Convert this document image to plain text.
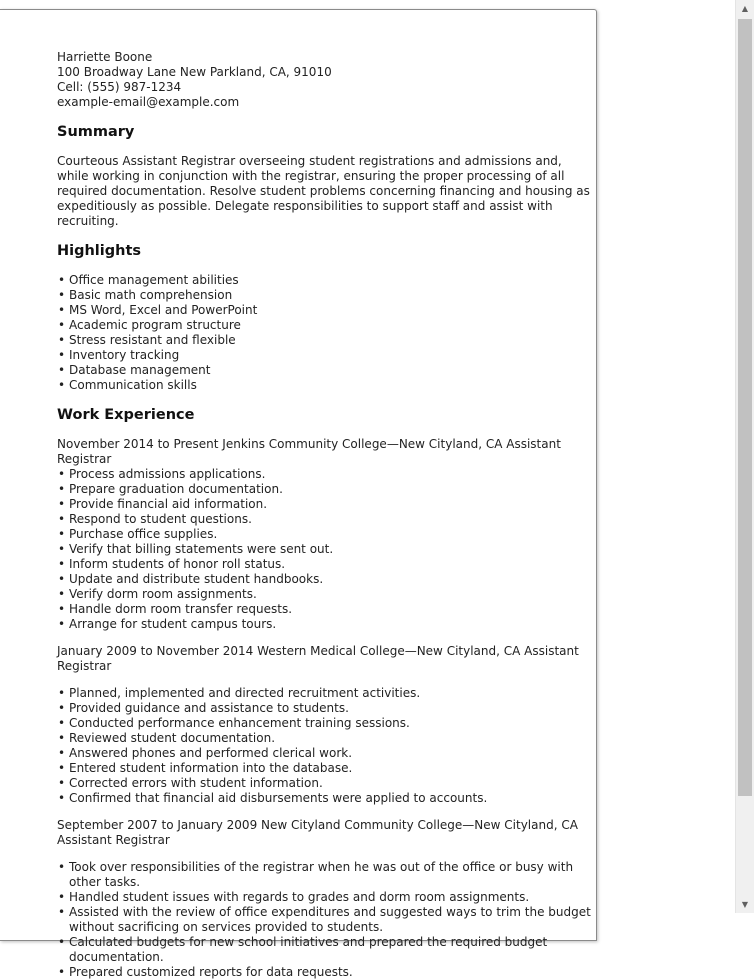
Harriette Boone
100 Broadway Lane New Parkland, CA, 91010
Cell: (555) 987-1234
example-email@example.com
Summary

Courteous Assistant Registrar overseeing student registrations and admissions and, while working in conjunction with the registrar, ensuring the proper processing of all required documentation. Resolve student problems concerning financing and housing as expeditiously as possible. Delegate responsibilities to support staff and assist with recruiting.

Highlights
• Office management abilities
• Basic math comprehension
• MS Word, Excel and PowerPoint
• Academic program structure
• Stress resistant and flexible
• Inventory tracking
• Database management
• Communication skills
Work Experience

November 2014 to Present Jenkins Community College—New Cityland, CA Assistant Registrar

• Process admissions applications.
• Prepare graduation documentation.
• Provide financial aid information.
• Respond to student questions.
• Purchase office supplies.
• Verify that billing statements were sent out.
• Inform students of honor roll status.
• Update and distribute student handbooks.
• Verify dorm room assignments.
• Handle dorm room transfer requests.
• Arrange for student campus tours.

January 2009 to November 2014 Western Medical College—New Cityland, CA Assistant Registrar

• Planned, implemented and directed recruitment activities.
• Provided guidance and assistance to students.
• Conducted performance enhancement training sessions.
• Reviewed student documentation.
• Answered phones and performed clerical work.
• Entered student information into the database.
• Corrected errors with student information.
• Confirmed that financial aid disbursements were applied to accounts.

September 2007 to January 2009 New Cityland Community College—New Cityland, CA Assistant Registrar

• Took over responsibilities of the registrar when he was out of the office or busy with other tasks.
• Handled student issues with regards to grades and dorm room assignments.
• Assisted with the review of office expenditures and suggested ways to trim the budget without sacrificing on services provided to students.
• Calculated budgets for new school initiatives and prepared the required budget documentation.
• Prepared customized reports for data requests.
▲
▼
